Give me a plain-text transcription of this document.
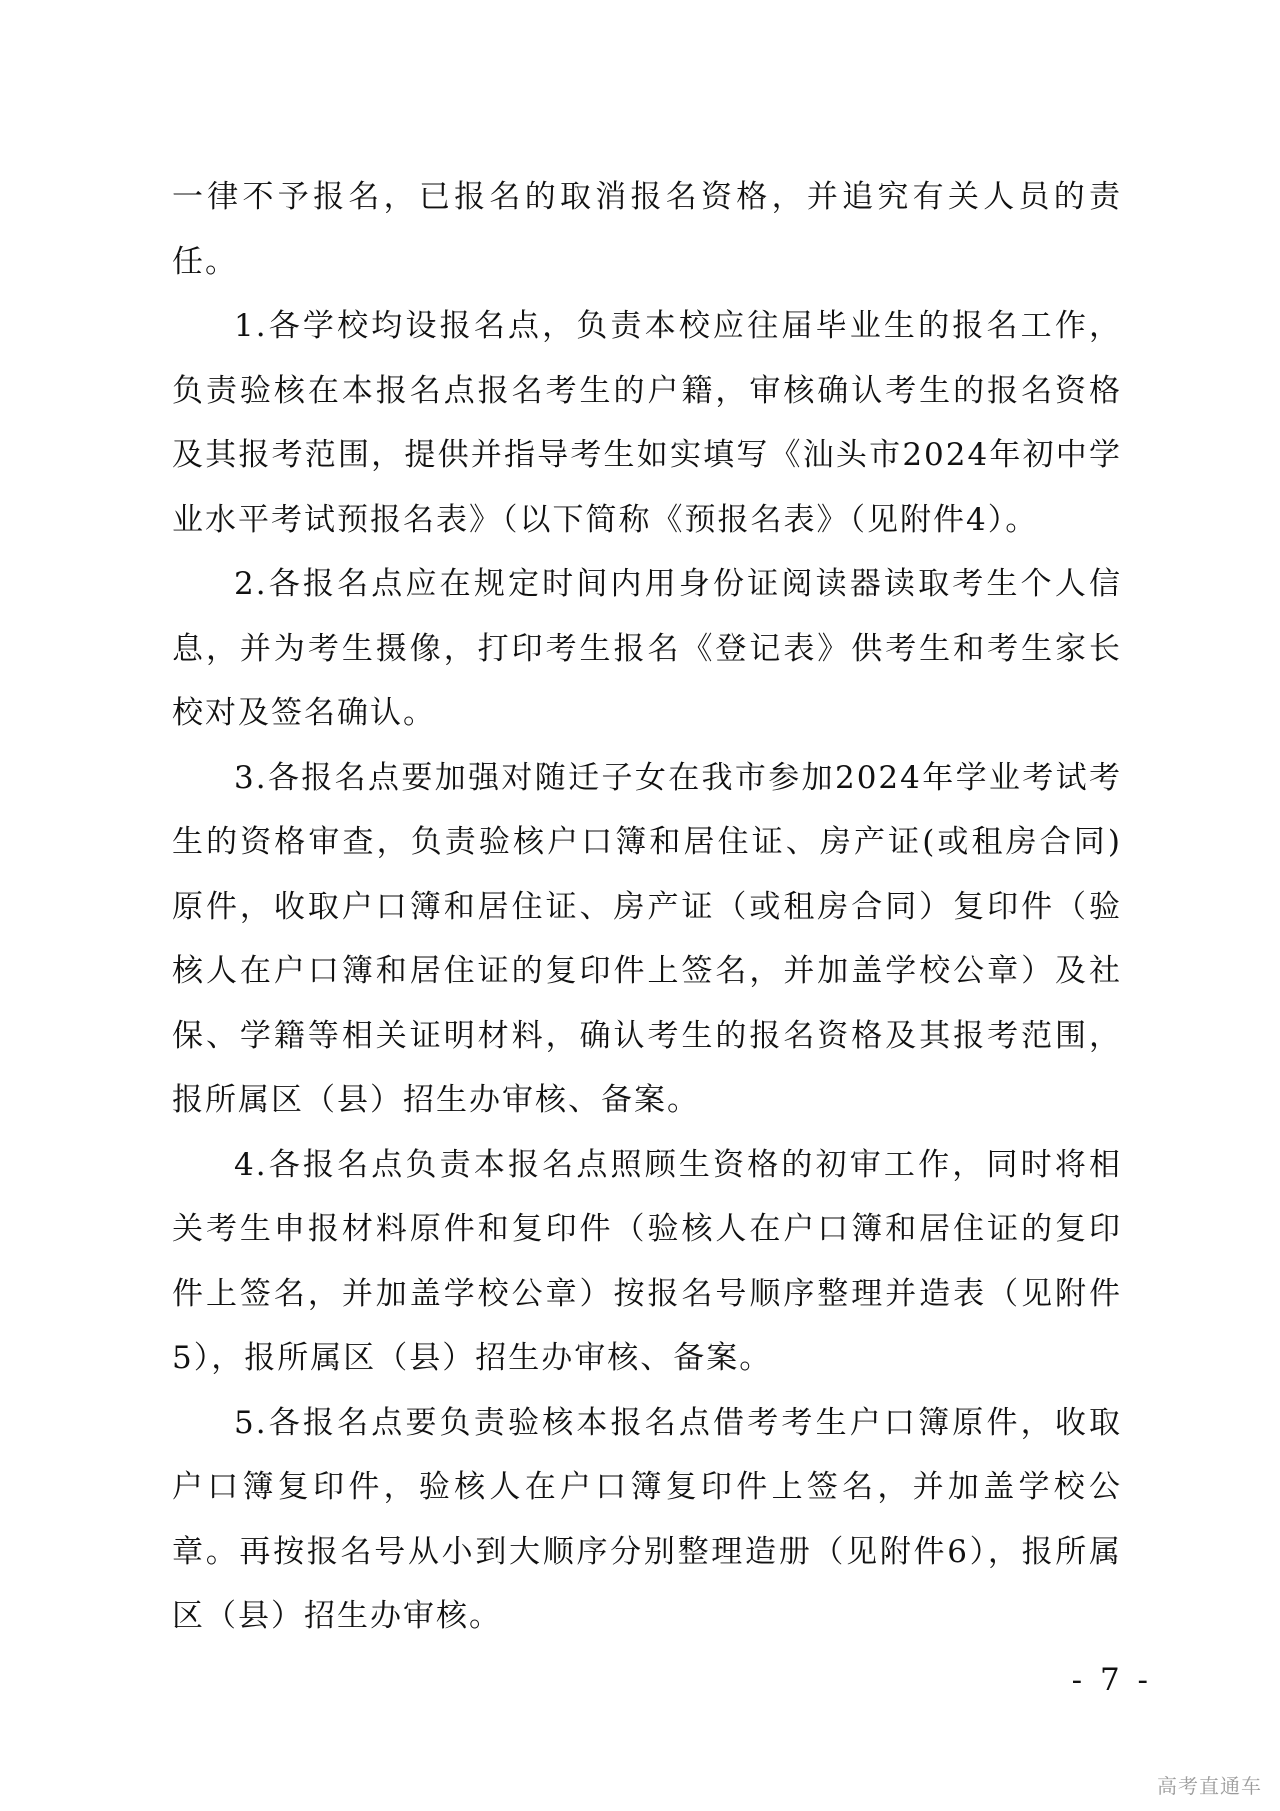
一律不予报名，已报名的取消报名资格，并追究有关人员的责任。

1.各学校均设报名点，负责本校应往届毕业生的报名工作，负责验核在本报名点报名考生的户籍，审核确认考生的报名资格及其报考范围，提供并指导考生如实填写《汕头市2024年初中学业水平考试预报名表》（以下简称《预报名表》（见附件4）。

2.各报名点应在规定时间内用身份证阅读器读取考生个人信息，并为考生摄像，打印考生报名《登记表》供考生和考生家长校对及签名确认。

3.各报名点要加强对随迁子女在我市参加2024年学业考试考生的资格审查，负责验核户口簿和居住证、房产证(或租房合同)原件，收取户口簿和居住证、房产证（或租房合同）复印件（验核人在户口簿和居住证的复印件上签名，并加盖学校公章）及社保、学籍等相关证明材料，确认考生的报名资格及其报考范围，报所属区（县）招生办审核、备案。

4.各报名点负责本报名点照顾生资格的初审工作，同时将相关考生申报材料原件和复印件（验核人在户口簿和居住证的复印件上签名，并加盖学校公章）按报名号顺序整理并造表（见附件5），报所属区（县）招生办审核、备案。

5.各报名点要负责验核本报名点借考考生户口簿原件，收取户口簿复印件，验核人在户口簿复印件上签名，并加盖学校公章。再按报名号从小到大顺序分别整理造册（见附件6），报所属区（县）招生办审核。

- 7 -
高考直通车
